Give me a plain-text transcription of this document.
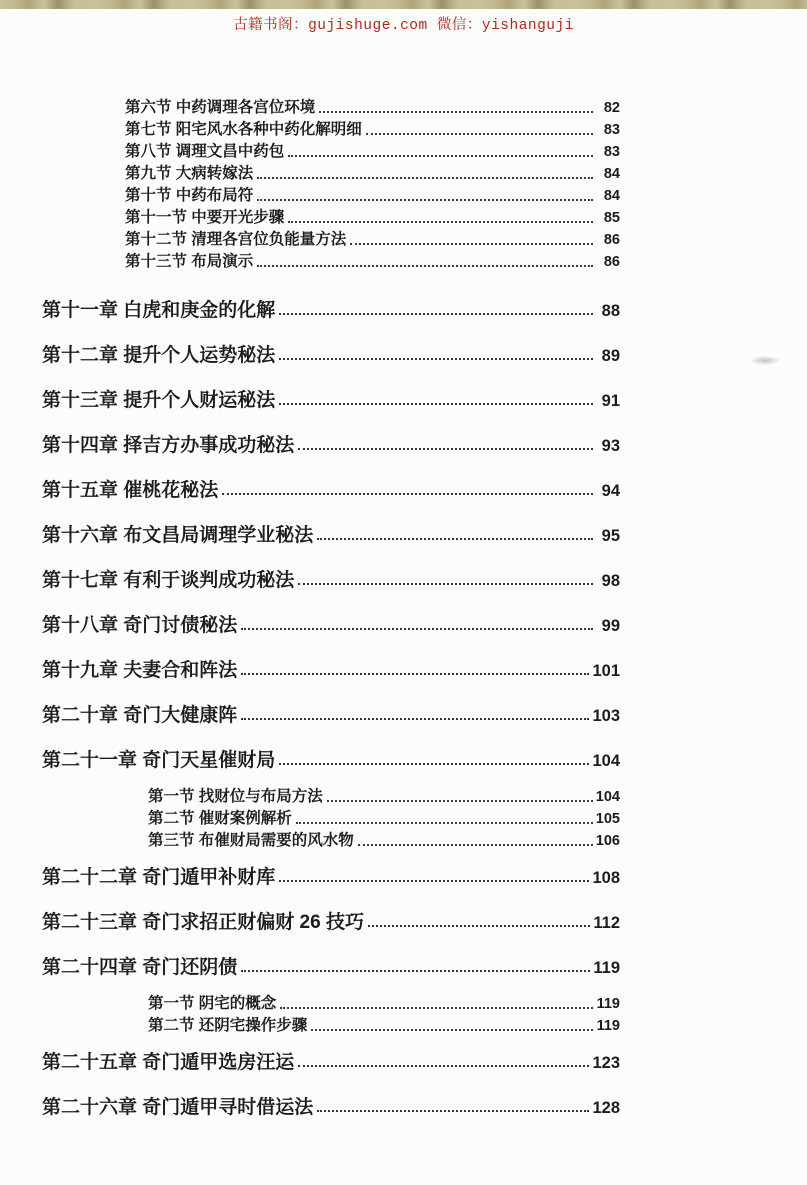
古籍书阁：gujishuge.com 微信：yishanguji
第六节 中药调理各宫位环境	82
第七节 阳宅风水各种中药化解明细	83
第八节 调理文昌中药包	83
第九节 大病转嫁法	84
第十节 中药布局符	84
第十一节 中要开光步骤	85
第十二节 清理各宫位负能量方法	86
第十三节 布局演示	86
第十一章 白虎和庚金的化解	88
第十二章 提升个人运势秘法	89
第十三章 提升个人财运秘法	91
第十四章 择吉方办事成功秘法	93
第十五章 催桃花秘法	94
第十六章 布文昌局调理学业秘法	95
第十七章 有利于谈判成功秘法	98
第十八章 奇门讨债秘法	99
第十九章 夫妻合和阵法	101
第二十章 奇门大健康阵	103
第二十一章 奇门天星催财局	104
第一节 找财位与布局方法	104
第二节 催财案例解析	105
第三节 布催财局需要的风水物	106
第二十二章 奇门遁甲补财库	108
第二十三章 奇门求招正财偏财 26 技巧	112
第二十四章 奇门还阴债	119
第一节 阴宅的概念	119
第二节 还阴宅操作步骤	119
第二十五章 奇门遁甲选房汪运	123
第二十六章 奇门遁甲寻时借运法	128
